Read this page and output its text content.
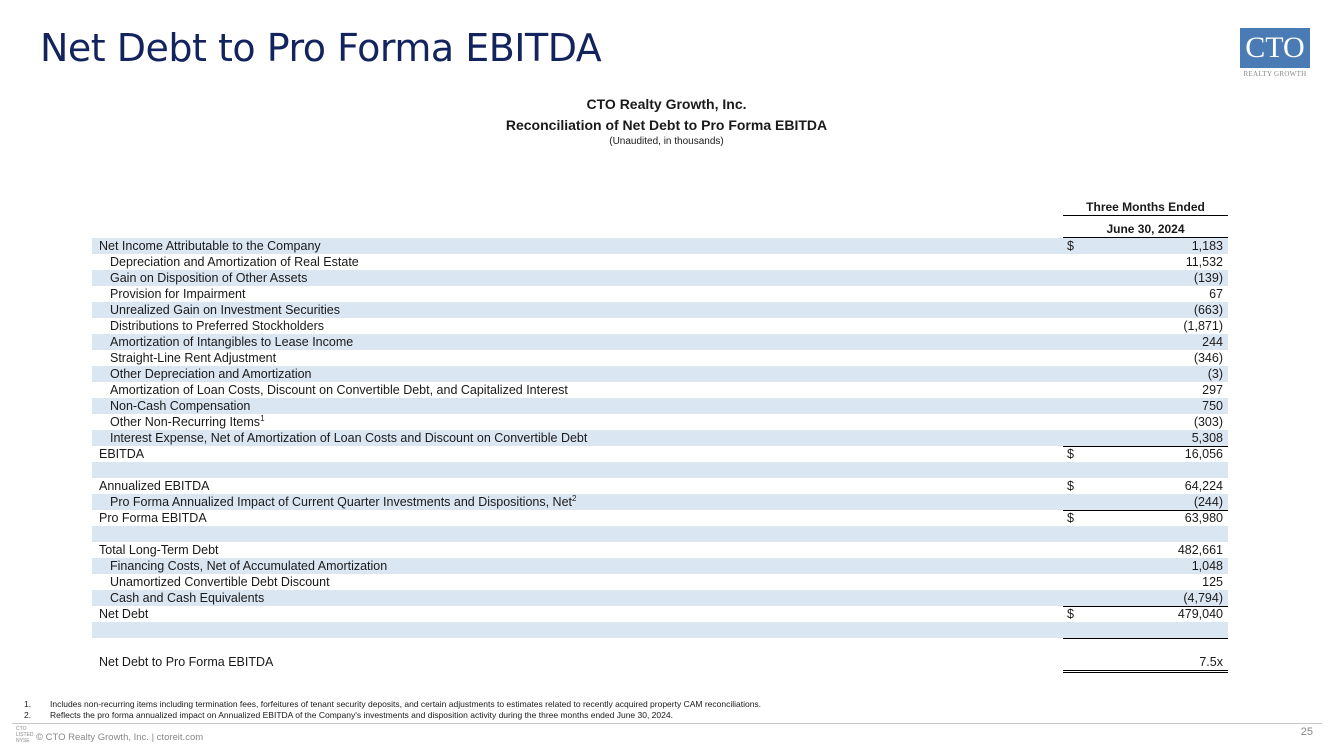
Net Debt to Pro Forma EBITDA	CTO
REALTY GROWTH
CTO Realty Growth, Inc.
Reconciliation of Net Debt to Pro Forma EBITDA
(Unaudited, in thousands)
Three Months Ended
June 30, 2024
Net Income Attributable to the Company	$	1,183
Depreciation and Amortization of Real Estate	11,532
Gain on Disposition of Other Assets	(139)
Provision for Impairment	67
Unrealized Gain on Investment Securities	(663)
Distributions to Preferred Stockholders	(1,871)
Amortization of Intangibles to Lease Income	244
Straight-Line Rent Adjustment	(346)
Other Depreciation and Amortization	(3)
Amortization of Loan Costs, Discount on Convertible Debt, and Capitalized Interest	297
Non-Cash Compensation	750
Other Non-Recurring Items$^1$	(303)
Interest Expense, Net of Amortization of Loan Costs and Discount on Convertible Debt	5,308
EBITDA	$	16,056
Annualized EBITDA	$	64,224
Pro Forma Annualized Impact of Current Quarter Investments and Dispositions, Net$^2$	(244)
Pro Forma EBITDA	$	63,980
Total Long-Term Debt	482,661
Financing Costs, Net of Accumulated Amortization	1,048
Unamortized Convertible Debt Discount	125
Cash and Cash Equivalents	(4,794)
Net Debt	$	479,040
Net Debt to Pro Forma EBITDA	7.5x
1. Includes non-recurring items including termination fees, forfeitures of tenant security deposits, and certain adjustments to estimates related to recently acquired property CAM reconciliations.
2. Reflects the pro forma annualized impact on Annualized EBITDA of the Company's investments and disposition activity during the three months ended June 30, 2024.
CTO
LISTED
NYSE © CTO Realty Growth, Inc. | ctoreit.com	25
